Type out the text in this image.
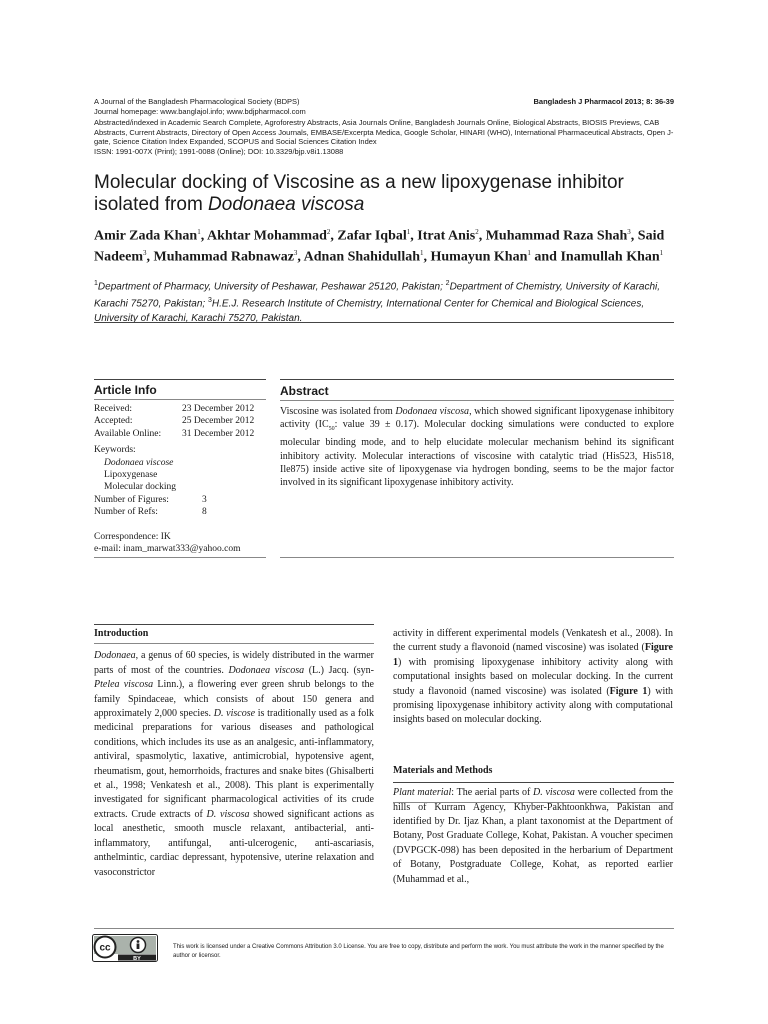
A Journal of the Bangladesh Pharmacological Society (BDPS)	Bangladesh J Pharmacol 2013; 8: 36-39
Journal homepage: www.banglajol.info; www.bdjpharmacol.com
Abstracted/indexed in Academic Search Complete, Agroforestry Abstracts, Asia Journals Online, Bangladesh Journals Online, Biological Abstracts, BIOSIS Previews, CAB Abstracts, Current Abstracts, Directory of Open Access Journals, EMBASE/Excerpta Medica, Google Scholar, HINARI (WHO), International Pharmaceutical Abstracts, Open J-gate, Science Citation Index Expanded, SCOPUS and Social Sciences Citation Index
ISSN: 1991-007X (Print); 1991-0088 (Online); DOI: 10.3329/bjp.v8i1.13088
Molecular docking of Viscosine as a new lipoxygenase inhibitor isolated from Dodonaea viscosa
Amir Zada Khan$^1$, Akhtar Mohammad$^2$, Zafar Iqbal$^1$, Itrat Anis$^2$, Muhammad Raza Shah$^3$, Said Nadeem$^3$, Muhammad Rabnawaz$^3$, Adnan Shahidullah$^1$, Humayun Khan$^1$ and Inamullah Khan$^1$
$^1$Department of Pharmacy, University of Peshawar, Peshawar 25120, Pakistan; $^2$Department of Chemistry, University of Karachi, Karachi 75270, Pakistan; $^3$H.E.J. Research Institute of Chemistry, International Center for Chemical and Biological Sciences, University of Karachi, Karachi 75270, Pakistan.
Article Info
Received:	23 December 2012
Accepted:	25 December 2012
Available Online:	31 December 2012
Keywords:
Dodonaea viscose
Lipoxygenase
Molecular docking
Number of Figures:	3
Number of Refs:	8
Correspondence: IK
e-mail: inam_marwat333@yahoo.com
Abstract
Viscosine was isolated from Dodonaea viscosa, which showed significant lipoxygenase inhibitory activity ($IC_{50}$: value 39 ± 0.17). Molecular docking simulations were conducted to explore molecular binding mode, and to help elucidate molecular mechanism behind its significant inhibitory activity. Molecular interactions of viscosine with catalytic triad (His523, His518, Ile875) inside active site of lipoxygenase via hydrogen bonding, seems to be the major factor involved in its significant lipoxygenase inhibitory activity.
Introduction
Dodonaea, a genus of 60 species, is widely distributed in the warmer parts of most of the countries. Dodonaea viscosa (L.) Jacq. (syn-Ptelea viscosa Linn.), a flowering ever green shrub belongs to the family Spindaceae, which consists of about 150 genera and approximately 2,000 species. D. viscose is traditionally used as a folk medicinal preparations for various diseases and pathological conditions, which includes its use as an analgesic, anti-inflammatory, antiviral, spasmolytic, laxative, antimicrobial, hypotensive agent, rheumatism, gout, hemorrhoids, fractures and snake bites (Ghisalberti et al., 1998; Venkatesh et al., 2008). This plant is experimentally investigated for significant pharmacological activities of its crude extracts. Crude extracts of D. viscosa showed significant actions as local anesthetic, smooth muscle relaxant, antibacterial, anti-inflammatory, antifungal, anti-ulcerogenic, anti-ascariasis, anthelmintic, cardiac depressant, hypotensive, uterine relaxation and vasoconstrictor
activity in different experimental models (Venkatesh et al., 2008). In the current study a flavonoid (named viscosine) was isolated (Figure 1) with promising lipoxygenase inhibitory activity along with computational insights based on molecular docking. In the current study a flavonoid (named viscosine) was isolated (Figure 1) with promising lipoxygenase inhibitory activity along with computational insights based on molecular docking.
Materials and Methods
Plant material: The aerial parts of D. viscosa were collected from the hills of Kurram Agency, Khyber-Pakhtoonkhwa, Pakistan and identified by Dr. Ijaz Khan, a plant taxonomist at the Department of Botany, Post Graduate College, Kohat, Pakistan. A voucher specimen (DVPGCK-098) has been deposited in the herbarium of Department of Botany, Postgraduate College, Kohat, as reported earlier (Muhammad et al.,
cc
BY
This work is licensed under a Creative Commons Attribution 3.0 License. You are free to copy, distribute and perform the work. You must attribute the work in the manner specified by the author or licensor.
